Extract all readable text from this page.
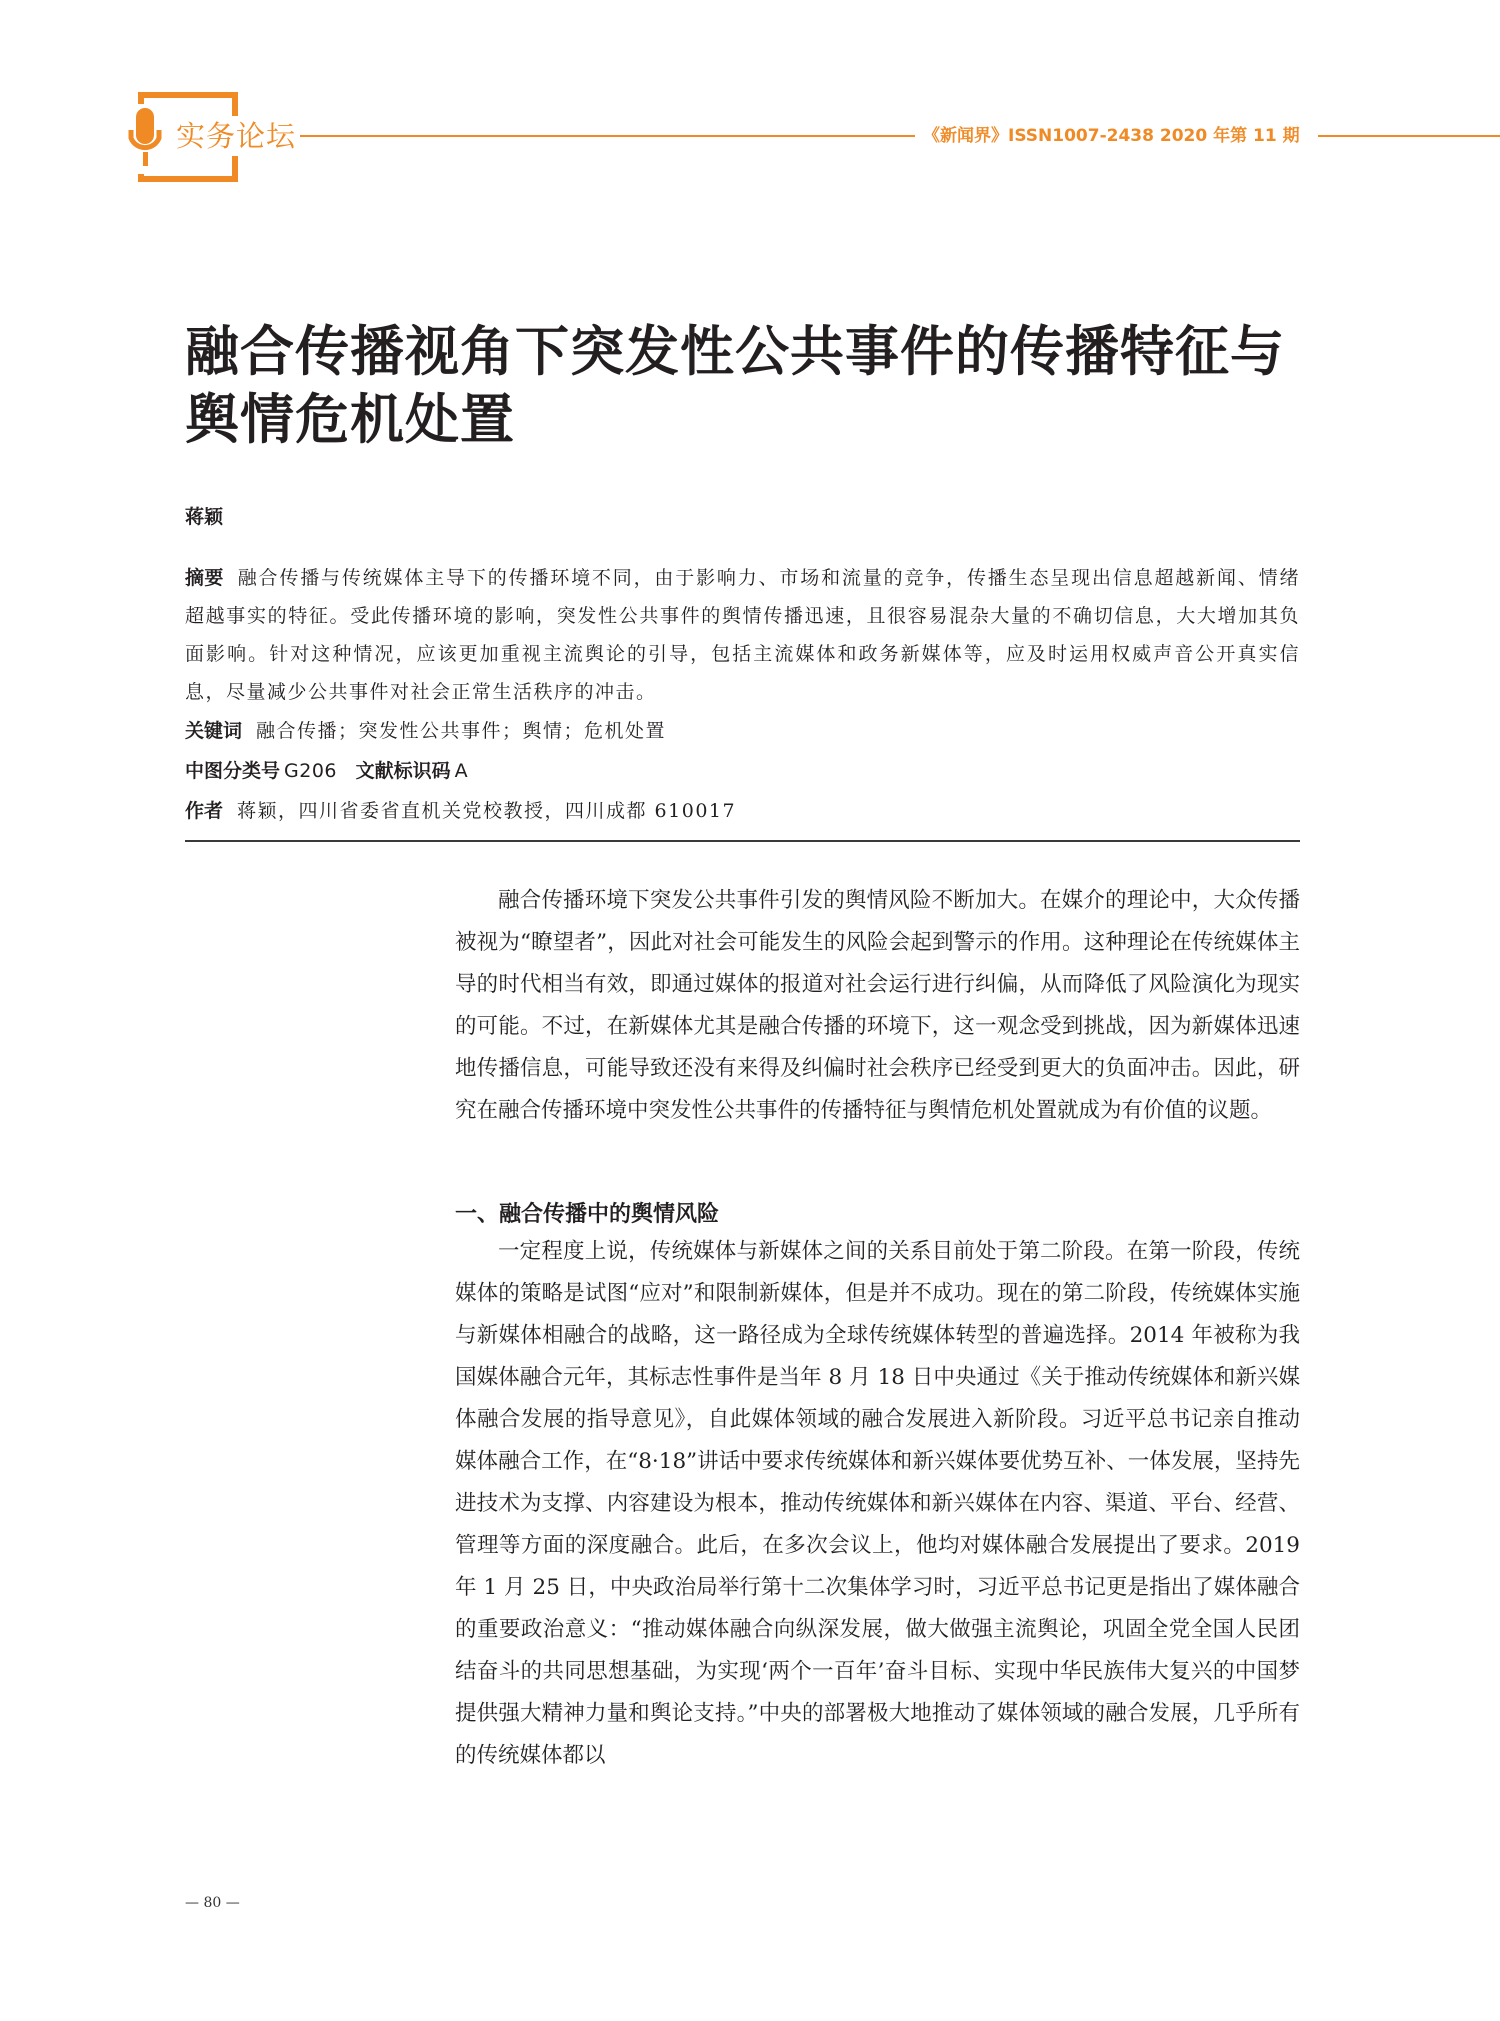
实务论坛	《新闻界》ISSN1007-2438 2020 年第 11 期
融合传播视角下突发性公共事件的传播特征与舆情危机处置
蒋颖
摘要 融合传播与传统媒体主导下的传播环境不同，由于影响力、市场和流量的竞争，传播生态呈现出信息超越新闻、情绪超越事实的特征。受此传播环境的影响，突发性公共事件的舆情传播迅速，且很容易混杂大量的不确切信息，大大增加其负面影响。针对这种情况，应该更加重视主流舆论的引导，包括主流媒体和政务新媒体等，应及时运用权威声音公开真实信息，尽量减少公共事件对社会正常生活秩序的冲击。
关键词 融合传播；突发性公共事件；舆情；危机处置
中图分类号 G206 文献标识码 A
作者 蒋颖，四川省委省直机关党校教授，四川成都 610017

融合传播环境下突发公共事件引发的舆情风险不断加大。在媒介的理论中，大众传播被视为“瞭望者”，因此对社会可能发生的风险会起到警示的作用。这种理论在传统媒体主导的时代相当有效，即通过媒体的报道对社会运行进行纠偏，从而降低了风险演化为现实的可能。不过，在新媒体尤其是融合传播的环境下，这一观念受到挑战，因为新媒体迅速地传播信息，可能导致还没有来得及纠偏时社会秩序已经受到更大的负面冲击。因此，研究在融合传播环境中突发性公共事件的传播特征与舆情危机处置就成为有价值的议题。

一、融合传播中的舆情风险

一定程度上说，传统媒体与新媒体之间的关系目前处于第二阶段。在第一阶段，传统媒体的策略是试图“应对”和限制新媒体，但是并不成功。现在的第二阶段，传统媒体实施与新媒体相融合的战略，这一路径成为全球传统媒体转型的普遍选择。2014 年被称为我国媒体融合元年，其标志性事件是当年 8 月 18 日中央通过《关于推动传统媒体和新兴媒体融合发展的指导意见》，自此媒体领域的融合发展进入新阶段。习近平总书记亲自推动媒体融合工作，在“8·18”讲话中要求传统媒体和新兴媒体要优势互补、一体发展，坚持先进技术为支撑、内容建设为根本，推动传统媒体和新兴媒体在内容、渠道、平台、经营、管理等方面的深度融合。此后，在多次会议上，他均对媒体融合发展提出了要求。2019 年 1 月 25 日，中央政治局举行第十二次集体学习时，习近平总书记更是指出了媒体融合的重要政治意义：“推动媒体融合向纵深发展，做大做强主流舆论，巩固全党全国人民团结奋斗的共同思想基础，为实现‘两个一百年’奋斗目标、实现中华民族伟大复兴的中国梦提供强大精神力量和舆论支持。”中央的部署极大地推动了媒体领域的融合发展，几乎所有的传统媒体都以

— 80 —
